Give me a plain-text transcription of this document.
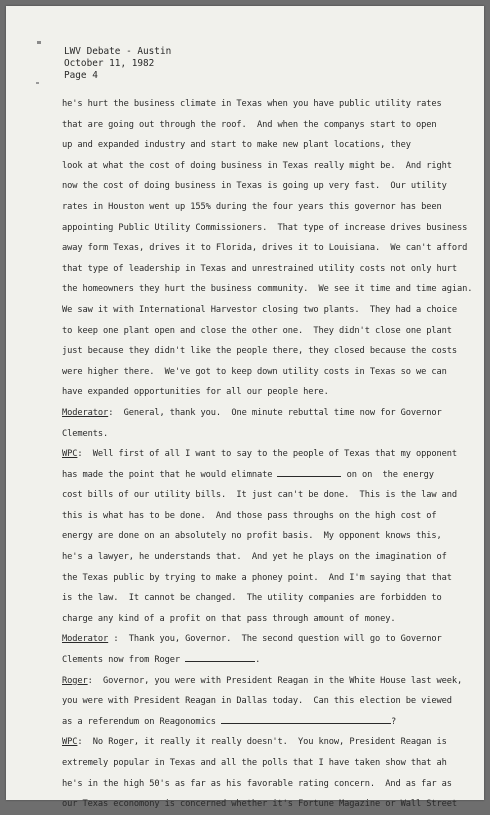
LWV Debate - Austin
October 11, 1982
Page 4
he's hurt the business climate in Texas when you have public utility rates
that are going out through the roof.  And when the companys start to open
up and expanded industry and start to make new plant locations, they
look at what the cost of doing business in Texas really might be.  And right
now the cost of doing business in Texas is going up very fast.  Our utility
rates in Houston went up 155% during the four years this governor has been
appointing Public Utility Commissioners.  That type of increase drives business
away form Texas, drives it to Florida, drives it to Louisiana.  We can't afford
that type of leadership in Texas and unrestrained utility costs not only hurt
the homeowners they hurt the business community.  We see it time and time agian.
We saw it with International Harvestor closing two plants.  They had a choice
to keep one plant open and close the other one.  They didn't close one plant
just because they didn't like the people there, they closed because the costs
were higher there.  We've got to keep down utility costs in Texas so we can
have expanded opportunities for all our people here.
Moderator:  General, thank you.  One minute rebuttal time now for Governor
Clements.
WPC:  Well first of all I want to say to the people of Texas that my opponent
has made the point that he would elimnate	on on  the energy
cost bills of our utility bills.  It just can't be done.  This is the law and
this is what has to be done.  And those pass throughs on the high cost of
energy are done on an absolutely no profit basis.  My opponent knows this,
he's a lawyer, he understands that.  And yet he plays on the imagination of
the Texas public by trying to make a phoney point.  And I'm saying that that
is the law.  It cannot be changed.  The utility companies are forbidden to
charge any kind of a profit on that pass through amount of money.
Moderator :  Thank you, Governor.  The second question will go to Governor
Clements now from Roger	.
Roger:  Governor, you were with President Reagan in the White House last week,
you were with President Reagan in Dallas today.  Can this election be viewed
as a referendum on Reagonomics	?
WPC:  No Roger, it really it really doesn't.  You know, President Reagan is
extremely popular in Texas and all the polls that I have taken show that ah
he's in the high 50's as far as his favorable rating concern.  And as far as
our Texas economony is concerned whether it's Fortune Magazine or Wall Street
